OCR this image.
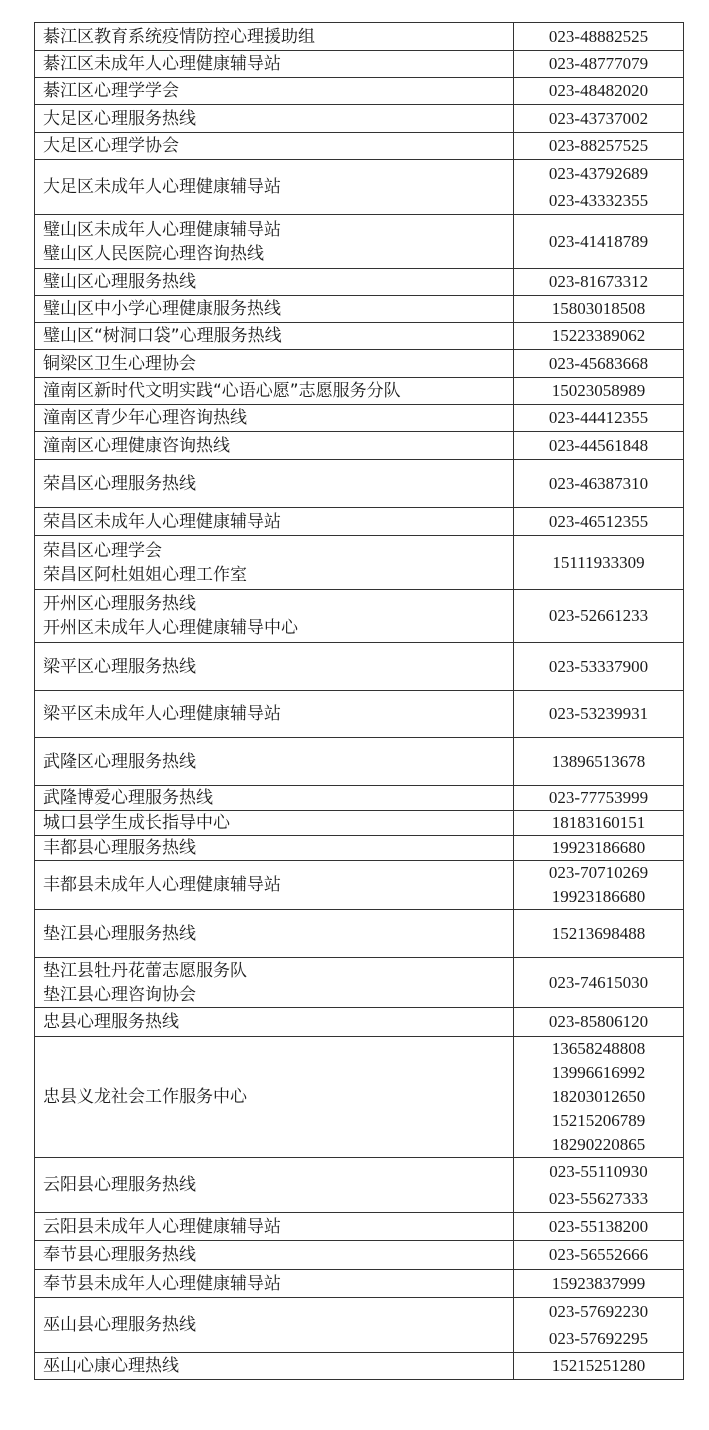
綦江区教育系统疫情防控心理援助组	023-48882525

綦江区未成年人心理健康辅导站	023-48777079

綦江区心理学学会	023-48482020

大足区心理服务热线	023-43737002

大足区心理学协会	023-88257525

大足区未成年人心理健康辅导站	023-43792689
023-43332355

璧山区未成年人心理健康辅导站
璧山区人民医院心理咨询热线	023-41418789

璧山区心理服务热线	023-81673312

璧山区中小学心理健康服务热线	15803018508

璧山区“树洞口袋”心理服务热线	15223389062

铜梁区卫生心理协会	023-45683668

潼南区新时代文明实践“心语心愿”志愿服务分队	15023058989

潼南区青少年心理咨询热线	023-44412355

潼南区心理健康咨询热线	023-44561848

荣昌区心理服务热线	023-46387310

荣昌区未成年人心理健康辅导站	023-46512355

荣昌区心理学会
荣昌区阿杜姐姐心理工作室	15111933309

开州区心理服务热线
开州区未成年人心理健康辅导中心	023-52661233

梁平区心理服务热线	023-53337900

梁平区未成年人心理健康辅导站	023-53239931

武隆区心理服务热线	13896513678

武隆博爱心理服务热线	023-77753999

城口县学生成长指导中心	18183160151

丰都县心理服务热线	19923186680

丰都县未成年人心理健康辅导站	023-70710269
19923186680

垫江县心理服务热线	15213698488

垫江县牡丹花蕾志愿服务队
垫江县心理咨询协会	023-74615030

忠县心理服务热线	023-85806120

忠县义龙社会工作服务中心	13658248808
13996616992
18203012650
15215206789
18290220865

云阳县心理服务热线	023-55110930
023-55627333

云阳县未成年人心理健康辅导站	023-55138200

奉节县心理服务热线	023-56552666

奉节县未成年人心理健康辅导站	15923837999

巫山县心理服务热线	023-57692230
023-57692295

巫山心康心理热线	15215251280
